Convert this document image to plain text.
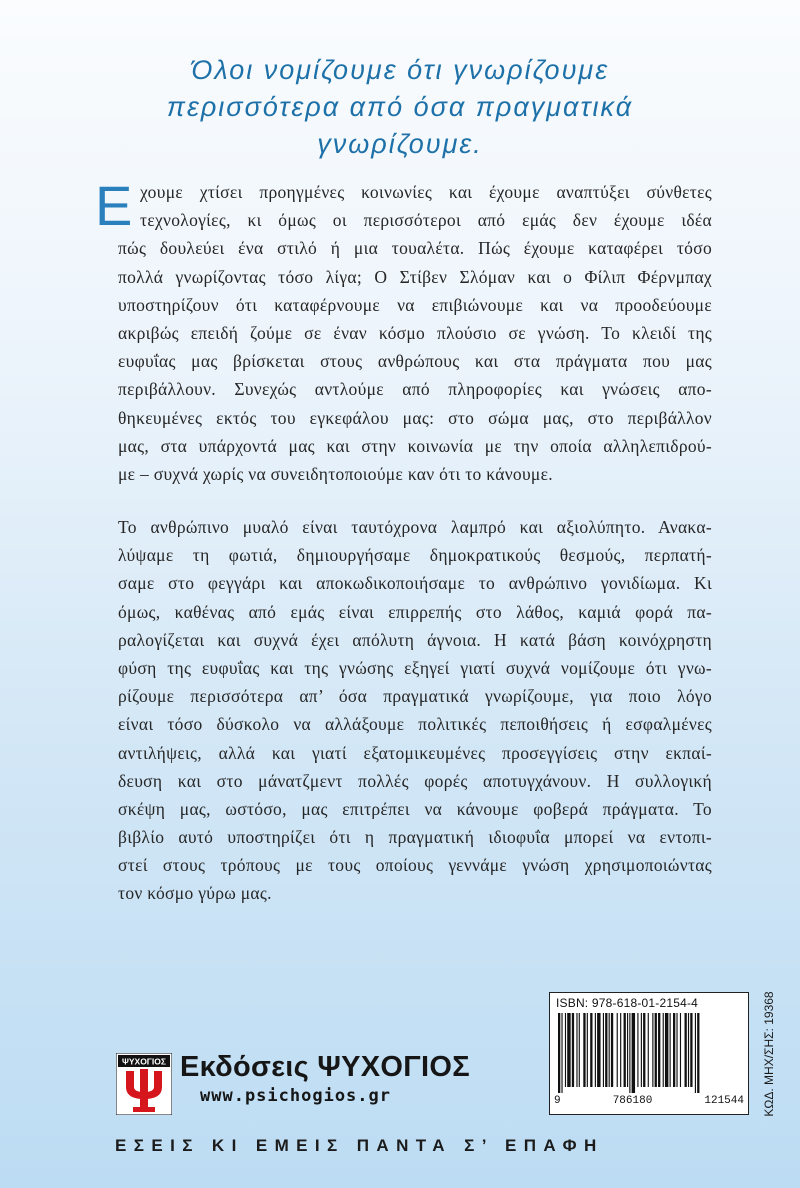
Όλοι νομίζουμε ότι γνωρίζουμε
περισσότερα από όσα πραγματικά
γνωρίζουμε.
Ε χουμε χτίσει προηγμένες κοινωνίες και έχουμε αναπτύξει σύνθετες
τεχνολογίες, κι όμως οι περισσότεροι από εμάς δεν έχουμε ιδέα
πώς δουλεύει ένα στιλό ή μια τουαλέτα. Πώς έχουμε καταφέρει τόσο
πολλά γνωρίζοντας τόσο λίγα; Ο Στίβεν Σλόμαν και ο Φίλιπ Φέρνμπαχ
υποστηρίζουν ότι καταφέρνουμε να επιβιώνουμε και να προοδεύουμε
ακριβώς επειδή ζούμε σε έναν κόσμο πλούσιο σε γνώση. Το κλειδί της
ευφυΐας μας βρίσκεται στους ανθρώπους και στα πράγματα που μας
περιβάλλουν. Συνεχώς αντλούμε από πληροφορίες και γνώσεις απο-
θηκευμένες εκτός του εγκεφάλου μας: στο σώμα μας, στο περιβάλλον
μας, στα υπάρχοντά μας και στην κοινωνία με την οποία αλληλεπιδρού-
με – συχνά χωρίς να συνειδητοποιούμε καν ότι το κάνουμε.
Το ανθρώπινο μυαλό είναι ταυτόχρονα λαμπρό και αξιολύπητο. Ανακα-
λύψαμε τη φωτιά, δημιουργήσαμε δημοκρατικούς θεσμούς, περπατή-
σαμε στο φεγγάρι και αποκωδικοποιήσαμε το ανθρώπινο γονιδίωμα. Κι
όμως, καθένας από εμάς είναι επιρρεπής στο λάθος, καμιά φορά πα-
ραλογίζεται και συχνά έχει απόλυτη άγνοια. Η κατά βάση κοινόχρηστη
φύση της ευφυΐας και της γνώσης εξηγεί γιατί συχνά νομίζουμε ότι γνω-
ρίζουμε περισσότερα απ’ όσα πραγματικά γνωρίζουμε, για ποιο λόγο
είναι τόσο δύσκολο να αλλάξουμε πολιτικές πεποιθήσεις ή εσφαλμένες
αντιλήψεις, αλλά και γιατί εξατομικευμένες προσεγγίσεις στην εκπαί-
δευση και στο μάνατζμεντ πολλές φορές αποτυγχάνουν. Η συλλογική
σκέψη μας, ωστόσο, μας επιτρέπει να κάνουμε φοβερά πράγματα. Το
βιβλίο αυτό υποστηρίζει ότι η πραγματική ιδιοφυΐα μπορεί να εντοπι-
στεί στους τρόπους με τους οποίους γεννάμε γνώση χρησιμοποιώντας
τον κόσμο γύρω μας.
ISBN: 978-618-01-2154-4
9	786180	121544 ΚΩΔ. ΜΗΧ/ΣΗΣ: 19368
ΨΥΧΟΓΙΟΣ Εκδόσεις ΨΥΧΟΓΙΟΣ
www.psichogios.gr
ΕΣΕΙΣ ΚΙ ΕΜΕΙΣ ΠΑΝΤΑ Σ’ ΕΠΑΦΗ
